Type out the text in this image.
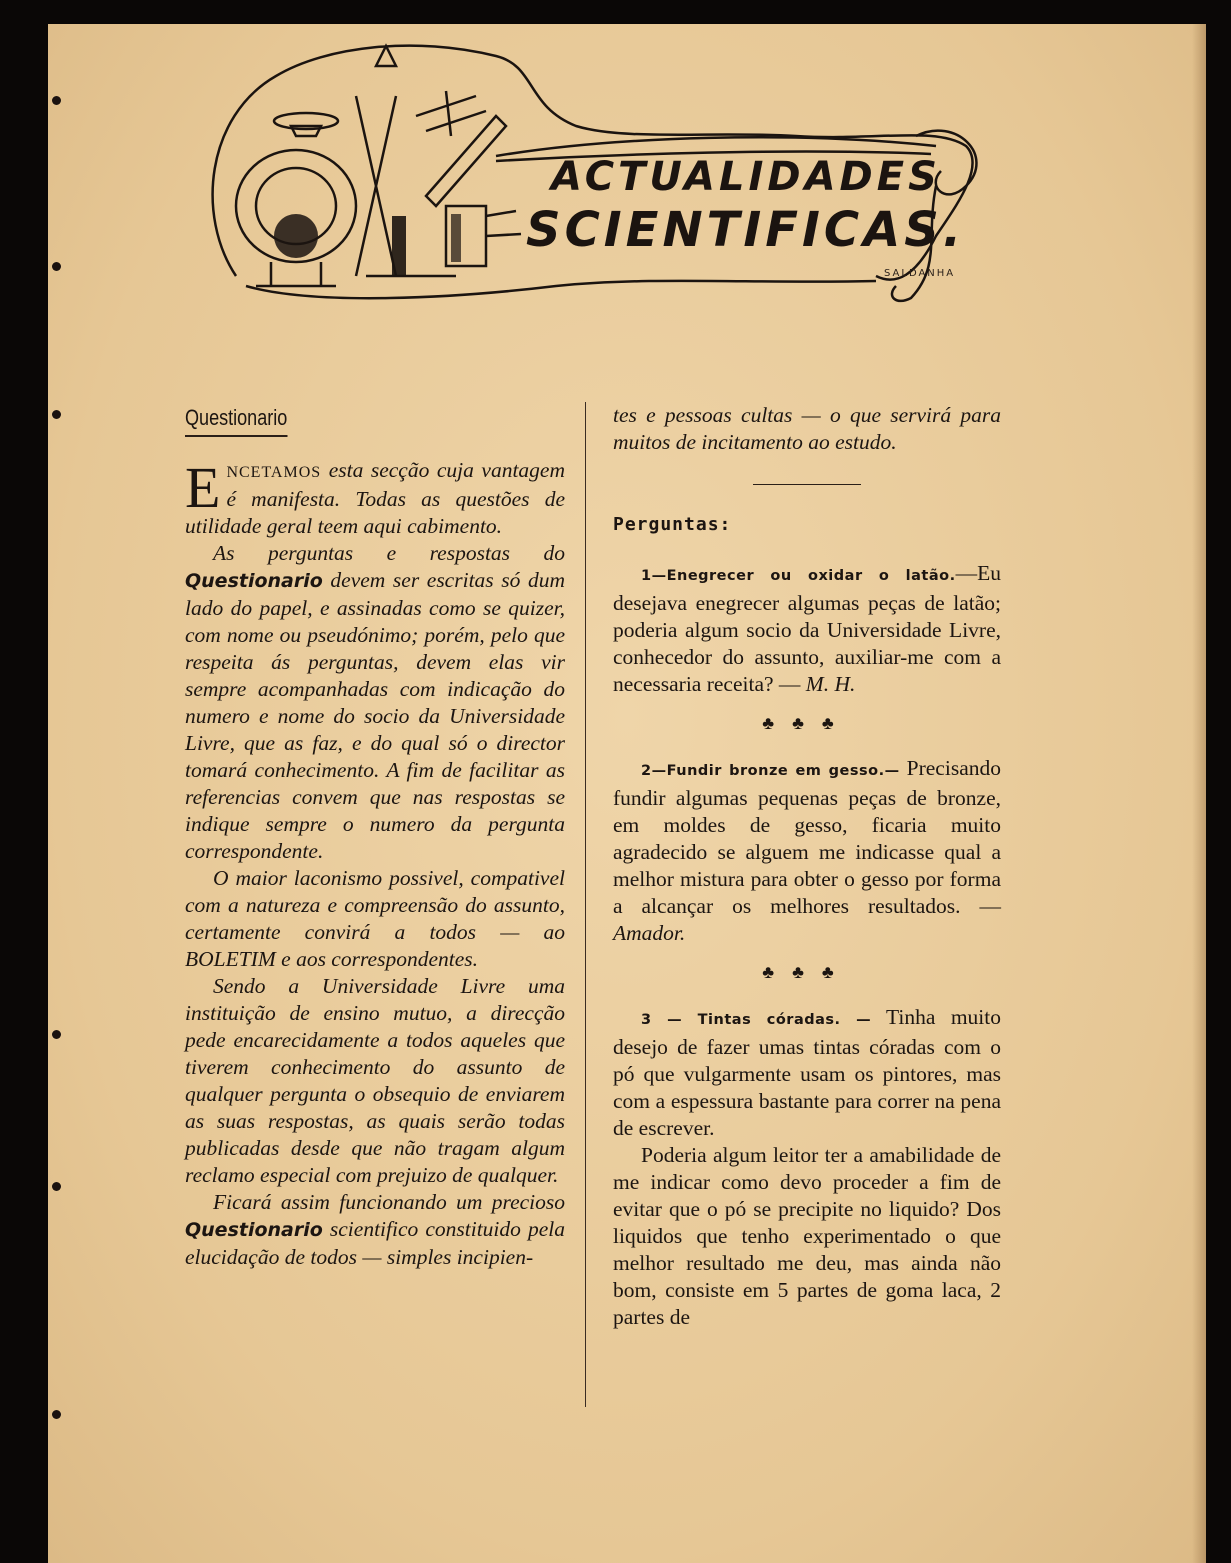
ACTUALIDADES
SCIENTIFICAS.
SALDANHA
Questionario

ENCETAMOS esta secção cuja vantagem é manifesta. Todas as questões de utilidade geral teem aqui cabimento.

As perguntas e respostas do Questionario devem ser escritas só dum lado do papel, e assinadas como se quizer, com nome ou pseudónimo; porém, pelo que respeita ás perguntas, devem elas vir sempre acompanhadas com indicação do numero e nome do socio da Universidade Livre, que as faz, e do qual só o director tomará conhecimento. A fim de facilitar as referencias convem que nas respostas se indique sempre o numero da pergunta correspondente.

O maior laconismo possivel, compativel com a natureza e compreensão do assunto, certamente convirá a todos — ao BOLETIM e aos correspondentes.

Sendo a Universidade Livre uma instituição de ensino mutuo, a direcção pede encarecidamente a todos aqueles que tiverem conhecimento do assunto de qualquer pergunta o obsequio de enviarem as suas respostas, as quais serão todas publicadas desde que não tragam algum reclamo especial com prejuizo de qualquer.

Ficará assim funcionando um precioso Questionario scientifico constituido pela elucidação de todos — simples incipien-

tes e pessoas cultas — o que servirá para muitos de incitamento ao estudo.

Perguntas:

1—Enegrecer ou oxidar o latão.—Eu desejava enegrecer algumas peças de latão; poderia algum socio da Universidade Livre, conhecedor do assunto, auxiliar-me com a necessaria receita? — M. H.

♣♣♣

2—Fundir bronze em gesso.— Precisando fundir algumas pequenas peças de bronze, em moldes de gesso, ficaria muito agradecido se alguem me indicasse qual a melhor mistura para obter o gesso por forma a alcançar os melhores resultados. — Amador.

♣♣♣

3 — Tintas córadas. — Tinha muito desejo de fazer umas tintas córadas com o pó que vulgarmente usam os pintores, mas com a espessura bastante para correr na pena de escrever.

Poderia algum leitor ter a amabilidade de me indicar como devo proceder a fim de evitar que o pó se precipite no liquido? Dos liquidos que tenho experimentado o que melhor resultado me deu, mas ainda não bom, consiste em 5 partes de goma laca, 2 partes de
